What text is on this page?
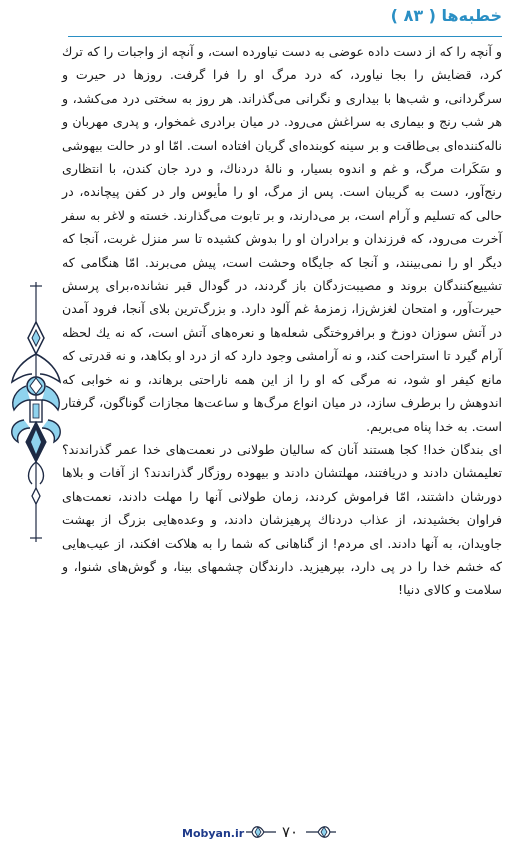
خطبه‌ها ( ۸۳ )

و آنچه را که از دست داده عوضی به دست نیاورده است، و آنچه از واجبات را که ترك كرد، قضايش را بجا نياورد، كه درد مرگ او را فرا گرفت. روزها در حيرت و سرگردانی، و شب‌ها با بيداری و نگرانی می‌گذراند. هر روز به سختی درد می‌کشد، و هر شب رنج و بیماری به سراغش می‌رود. در میان برادری غمخوار، و پدری مهربان و ناله‌کننده‌ای بی‌طاقت و بر سینه کوبنده‌ای گریان افتاده است. امّا او در حالت بیهوشی و سَکَرات مرگ، و غم و اندوه بسیار، و نالهٔ دردناك، و درد جان کندن، با انتظاری رنج‌آور، دست به گریبان است. پس از مرگ، او را مأیوس وار در کفن پیچانده، در حالی که تسلیم و آرام است، بر می‌دارند، و بر تابوت می‌گذارند. خسته و لاغر به سفر آخرت می‌رود، که فرزندان و برادران او را بدوش کشیده تا سر منزل غربت، آنجا كه دیگر او را نمی‌بینند، و آنجا که جایگاه وحشت است، پیش می‌برند. امّا هنگامی که تشییع‌کنندگان بروند و مصیبت‌زدگان باز گردند، در گودال قبر نشانده،برای پرسش حیرت‌آور، و امتحان لغزش‌زا، زمزمهٔ غم آلود دارد. و بزرگ‌ترین بلای آنجا، فرود آمدن در آتش سوزان دوزخ و برافروختگی شعله‌ها و نعره‌های آتش است، كه نه يك لحظه آرام گيرد تا استراحت کند، و نه آرامشی وجود دارد که از درد او بکاهد، و نه قدرتی که مانع کیفر او شود، نه مرگی که او را از این همه ناراحتی برهاند، و نه خوابی که اندوهش را برطرف سازد، در میان انواع مرگ‌ها و ساعت‌ها مجازات گوناگون، گرفتار است. به خدا پناه می‌بریم.

ای بندگان خدا! کجا هستند آنان که سالیان طولانی در نعمت‌های خدا عمر گذراندند؟ تعلیمشان دادند و دریافتند، مهلتشان دادند و بیهوده روزگار گذراندند؟ از آفات و بلاها دورشان داشتند، امّا فراموش کردند، زمان طولانی آنها را مهلت دادند، نعمت‌های فراوان بخشیدند، از عذاب دردناك پرهیزشان دادند، و وعده‌هایی بزرگ از بهشت جاویدان، به آنها دادند. ای مردم! از گناهانی که شما را به هلاکت افکند، از عیب‌هایی که خشم خدا را در پی دارد، بپرهیزید. دارندگان چشمهای بینا، و گوش‌های شنوا، و سلامت و کالای دنیا!

Mobyan.ir	۷۰
